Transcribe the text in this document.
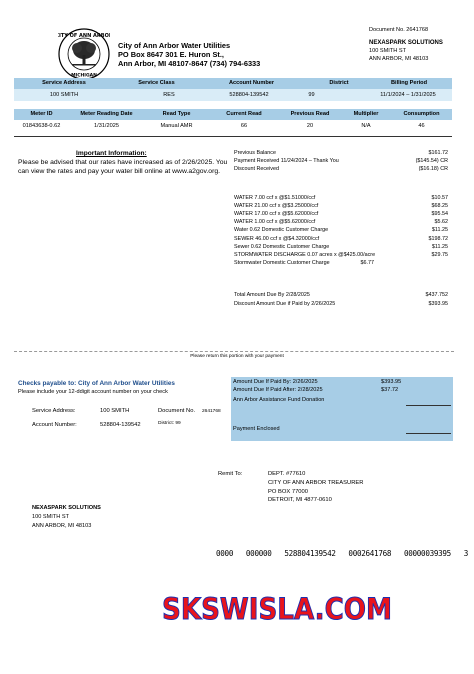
Document No. 2641768
CITY OF ANN ARBOR
MICHIGAN
City of Ann Arbor Water Utilities
PO Box 8647 301 E. Huron St.,
Ann Arbor, MI 48107-8647 (734) 794-6333
NEXASPARK SOLUTIONS
100 SMITH ST
ANN ARBOR, MI 48103
Service Address	Service Class	Account Number	District	Billing Period
100 SMITH	RES	528804-139542	99	11/1/2024 – 1/31/2025
Meter ID	Meter Reading Date	Read Type	Current Read	Previous Read	Multiplier	Consumption
01843638-0.62	1/31/2025	Manual AMR	66	20	N/A	46
Important Information:
Please be advised that our rates have increased as of 2/26/2025. You can view the rates and pay your water bill online at www.a2gov.org.
Previous Balance	$161.72
Payment Received 11/24/2024 – Thank You	($145.54) CR
Discount Received	($16.18) CR
WATER 7.00 ccf x @$1.51000/ccf	$10.57
WATER 21.00 ccf x @$3.25000/ccf	$68.25
WATER 17.00 ccf x @$5.62000/ccf	$95.54
WATER 1.00 ccf x @$5.62000/ccf	$5.62
Water 0.62 Domestic Customer Charge	$11.25
SEWER 46.00 ccf x @$4.32000/ccf	$198.72
Sewer 0.62 Domestic Customer Charge	$11.25
STORMWATER DISCHARGE 0.07 acres x @$425.00/acre	$29.75
Stormwater Domestic Customer Charge	$6.77
Total Amount Due By 2/28/2025	$437.752
Discount Amount Due if Paid by 2/26/2025	$393.95
Please return this portion with your payment
Checks payable to: City of Ann Arbor Water Utilities
Please include your 12-ddigit account number on your check
Service Address:	100 SMITH	Document No. 2641768
Account Number:	528804-139542	District: 99
Amount Due If Paid By: 2/26/2025	$393.95
Amount Due If Paid After: 2/28/2025	$37.72
Ann Arbor Assistance Fund Donation
Payment Enclosed
Remit To:	DEPT. #77610
CITY OF ANN ARBOR TREASURER
PO BOX 77000
DETROIT, MI 4877-0610
NEXASPARK SOLUTIONS
100 SMITH ST
ANN ARBOR, MI 48103
0000   000000   528804139542   0002641768   00000039395   3
SKSWISLA.COM
